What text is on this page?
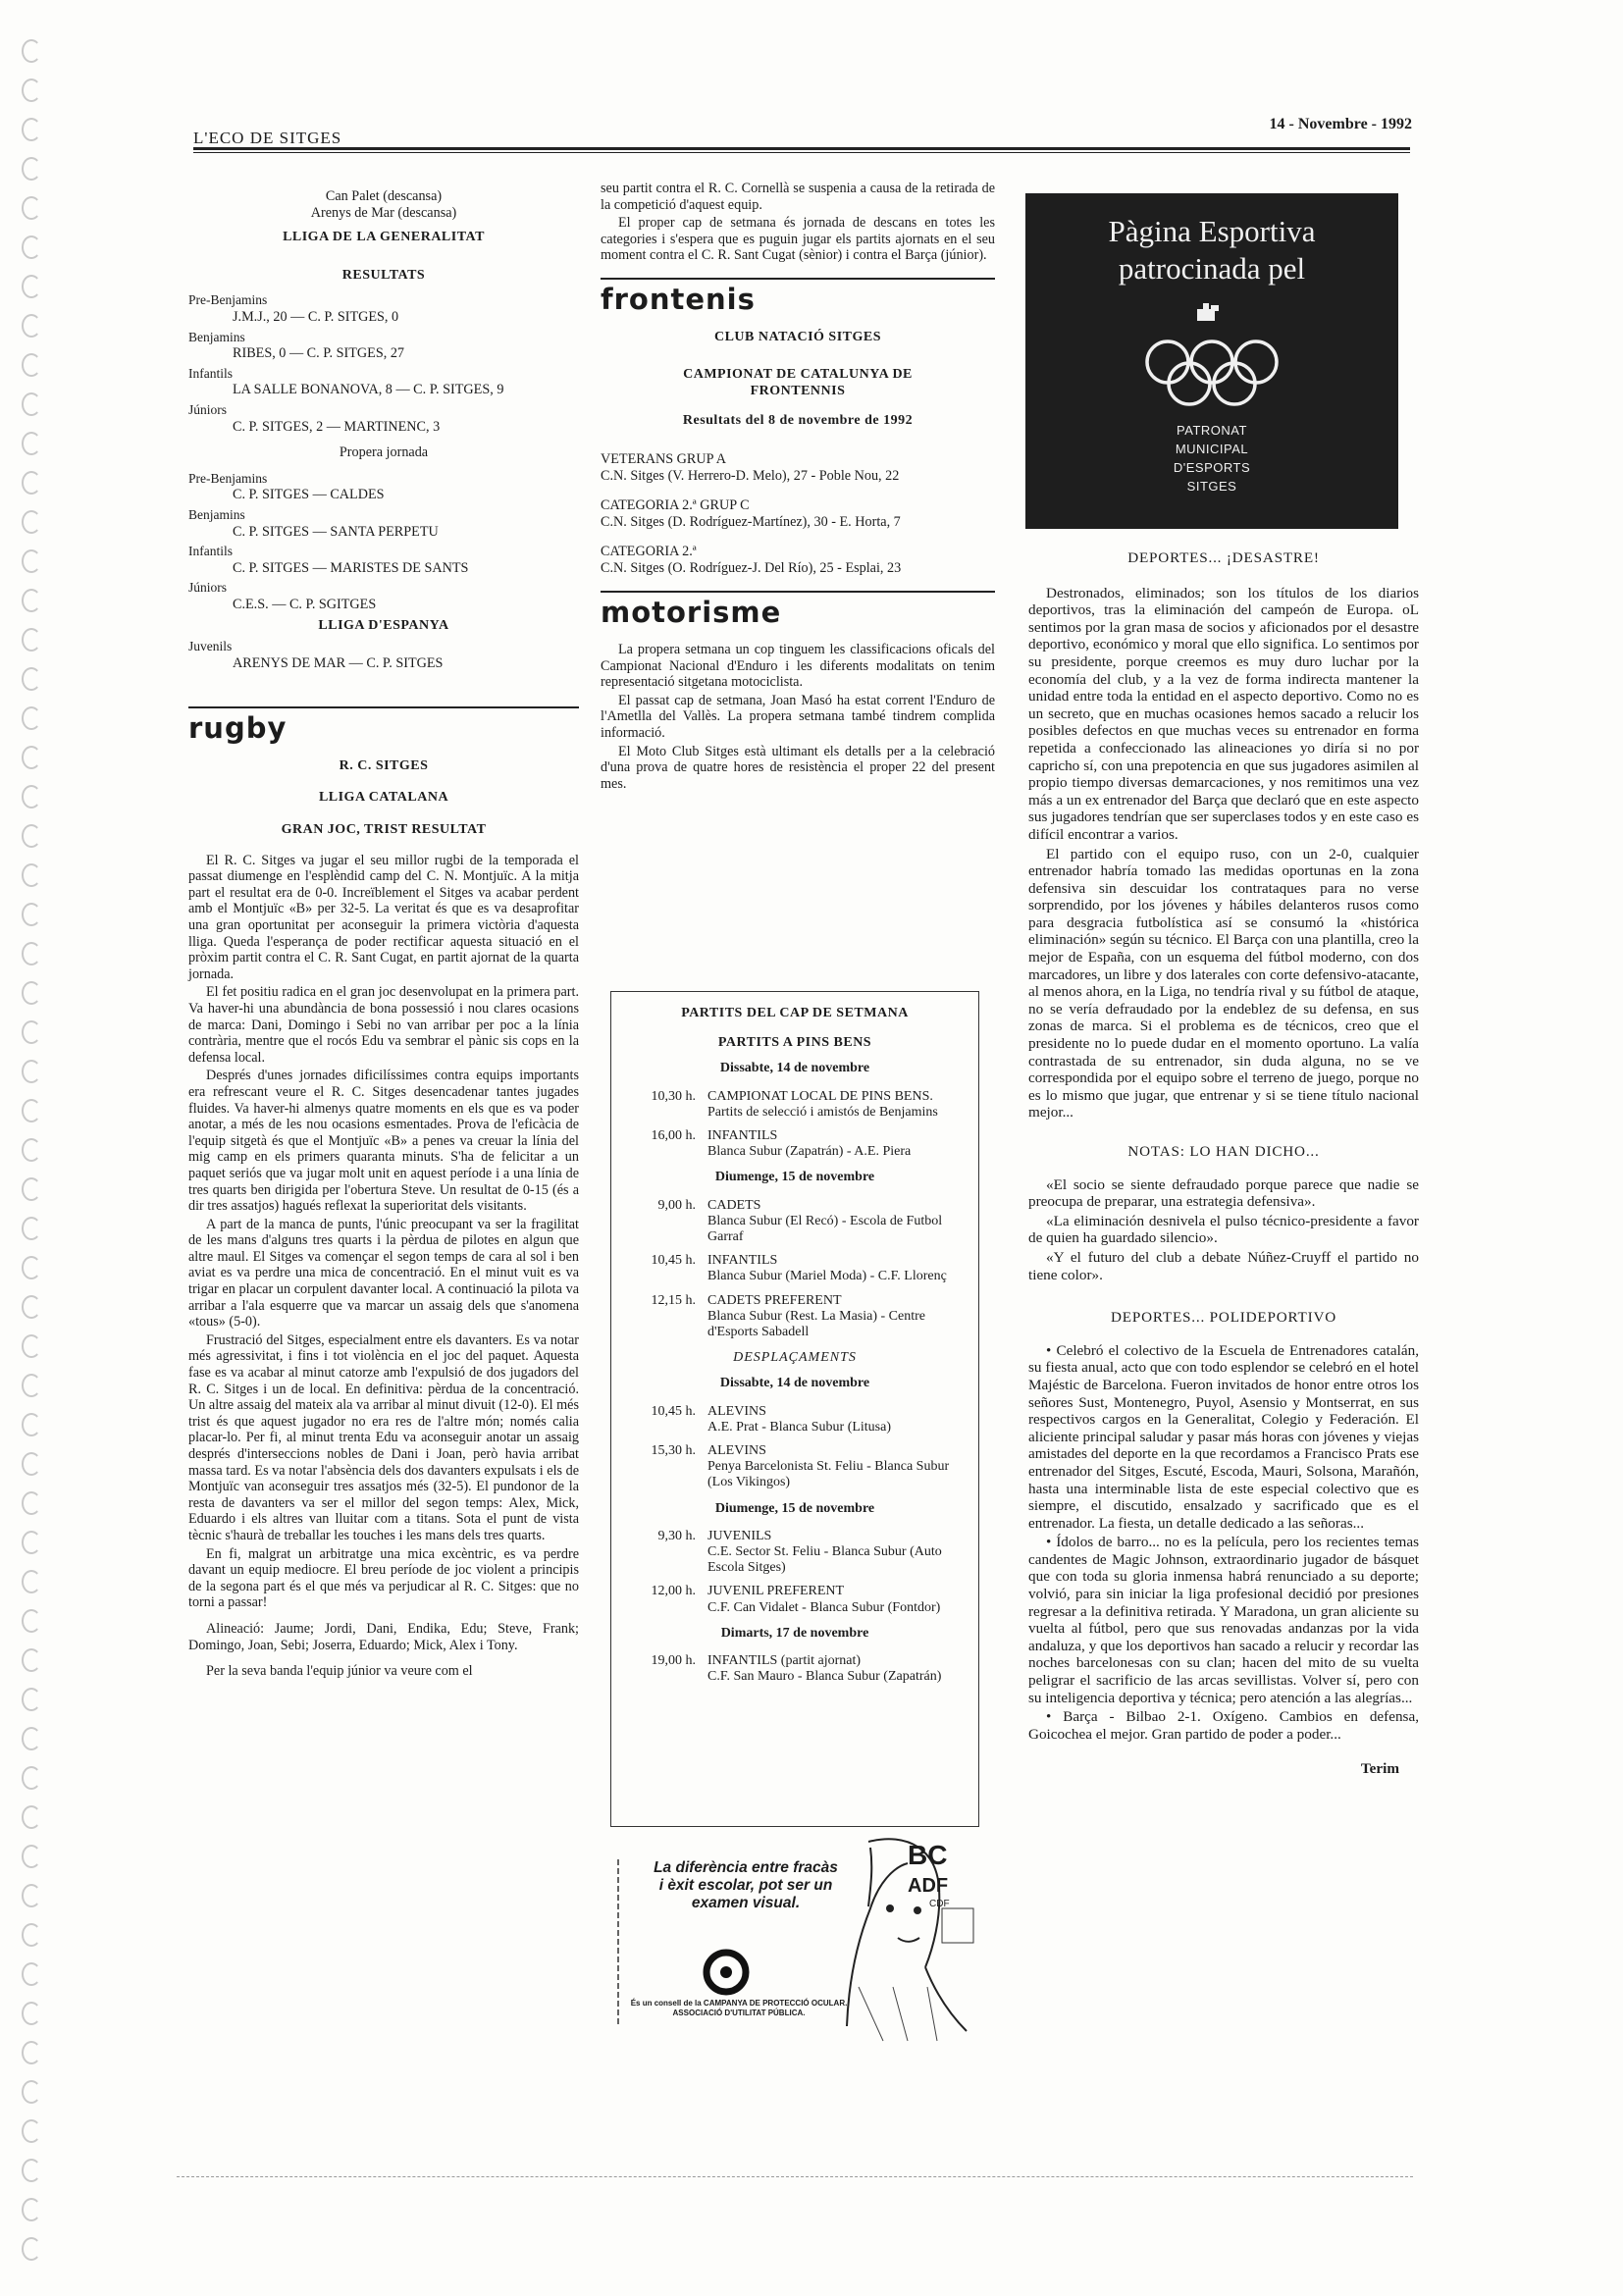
L'ECO DE SITGES
14 - Novembre - 1992
Can Palet (descansa)
Arenys de Mar (descansa)
LLIGA DE LA GENERALITAT
RESULTATS
Pre-Benjamins
J.M.J., 20 — C. P. SITGES, 0
Benjamins
RIBES, 0 — C. P. SITGES, 27
Infantils
LA SALLE BONANOVA, 8 — C. P. SITGES, 9
Júniors
C. P. SITGES, 2 — MARTINENC, 3
Propera jornada
Pre-Benjamins
C. P. SITGES — CALDES
Benjamins
C. P. SITGES — SANTA PERPETU
Infantils
C. P. SITGES — MARISTES DE SANTS
Júniors
C.E.S. — C. P. SGITGES
LLIGA D'ESPANYA
Juvenils
ARENYS DE MAR — C. P. SITGES
rugby
R. C. SITGES
LLIGA CATALANA
GRAN JOC, TRIST RESULTAT

El R. C. Sitges va jugar el seu millor rugbi de la temporada el passat diumenge en l'esplèndid camp del C. N. Montjuïc. A la mitja part el resultat era de 0-0. Increïblement el Sitges va acabar perdent amb el Montjuïc «B» per 32-5. La veritat és que es va desaprofitar una gran oportunitat per aconseguir la primera victòria d'aquesta lliga. Queda l'esperança de poder rectificar aquesta situació en el pròxim partit contra el C. R. Sant Cugat, en partit ajornat de la quarta jornada.

El fet positiu radica en el gran joc desenvolupat en la primera part. Va haver-hi una abundància de bona possessió i nou clares ocasions de marca: Dani, Domingo i Sebi no van arribar per poc a la línia contrària, mentre que el rocós Edu va sembrar el pànic sis cops en la defensa local.

Després d'unes jornades dificilíssimes contra equips importants era refrescant veure el R. C. Sitges desencadenar tantes jugades fluides. Va haver-hi almenys quatre moments en els que es va poder anotar, a més de les nou ocasions esmentades. Prova de l'eficàcia de l'equip sitgetà és que el Montjuïc «B» a penes va creuar la línia del mig camp en els primers quaranta minuts. S'ha de felicitar a un paquet seriós que va jugar molt unit en aquest període i a una línia de tres quarts ben dirigida per l'obertura Steve. Un resultat de 0-15 (és a dir tres assatjos) hagués reflexat la superioritat dels visitants.

A part de la manca de punts, l'únic preocupant va ser la fragilitat de les mans d'alguns tres quarts i la pèrdua de pilotes en algun que altre maul. El Sitges va començar el segon temps de cara al sol i ben aviat es va perdre una mica de concentració. En el minut vuit es va trigar en placar un corpulent davanter local. A continuació la pilota va arribar a l'ala esquerre que va marcar un assaig dels que s'anomena «tous» (5-0).

Frustració del Sitges, especialment entre els davanters. Es va notar més agressivitat, i fins i tot violència en el joc del paquet. Aquesta fase es va acabar al minut catorze amb l'expulsió de dos jugadors del R. C. Sitges i un de local. En definitiva: pèrdua de la concentració. Un altre assaig del mateix ala va arribar al minut divuit (12-0). El més trist és que aquest jugador no era res de l'altre món; només calia placar-lo. Per fi, al minut trenta Edu va aconseguir anotar un assaig després d'interseccions nobles de Dani i Joan, però havia arribat massa tard. Es va notar l'absència dels dos davanters expulsats i els de Montjuïc van aconseguir tres assatjos més (32-5). El pundonor de la resta de davanters va ser el millor del segon temps: Alex, Mick, Eduardo i els altres van lluitar com a titans. Sota el punt de vista tècnic s'haurà de treballar les touches i les mans dels tres quarts.

En fi, malgrat un arbitratge una mica excèntric, es va perdre davant un equip mediocre. El breu període de joc violent a principis de la segona part és el que més va perjudicar al R. C. Sitges: que no torni a passar!

Alineació: Jaume; Jordi, Dani, Endika, Edu; Steve, Frank; Domingo, Joan, Sebi; Joserra, Eduardo; Mick, Alex i Tony.

Per la seva banda l'equip júnior va veure com el

seu partit contra el R. C. Cornellà se suspenia a causa de la retirada de la competició d'aquest equip.

El proper cap de setmana és jornada de descans en totes les categories i s'espera que es puguin jugar els partits ajornats en el seu moment contra el C. R. Sant Cugat (sènior) i contra el Barça (júnior).

frontenis
CLUB NATACIÓ SITGES
CAMPIONAT DE CATALUNYA DE FRONTENNIS
Resultats del 8 de novembre de 1992
VETERANS GRUP A
C.N. Sitges (V. Herrero-D. Melo), 27 - Poble Nou, 22
CATEGORIA 2.ª GRUP C
C.N. Sitges (D. Rodríguez-Martínez), 30 - E. Horta, 7
CATEGORIA 2.ª
C.N. Sitges (O. Rodríguez-J. Del Río), 25 - Esplai, 23
motorisme

La propera setmana un cop tinguem les classificacions oficals del Campionat Nacional d'Enduro i les diferents modalitats on tenim representació sitgetana motociclista.

El passat cap de setmana, Joan Masó ha estat corrent l'Enduro de l'Ametlla del Vallès. La propera setmana també tindrem complida informació.

El Moto Club Sitges està ultimant els detalls per a la celebració d'una prova de quatre hores de resistència el proper 22 del present mes.

PARTITS DEL CAP DE SETMANA
PARTITS A PINS BENS
Dissabte, 14 de novembre
10,30 h. CAMPIONAT LOCAL DE PINS BENS. Partits de selecció i amistós de Benjamins
16,00 h. INFANTILS
Blanca Subur (Zapatrán) - A.E. Piera
Diumenge, 15 de novembre
9,00 h. CADETS
Blanca Subur (El Recó) - Escola de Futbol Garraf
10,45 h. INFANTILS
Blanca Subur (Mariel Moda) - C.F. Llorenç
12,15 h. CADETS PREFERENT
Blanca Subur (Rest. La Masia) - Centre d'Esports Sabadell
DESPLAÇAMENTS
Dissabte, 14 de novembre
10,45 h. ALEVINS
A.E. Prat - Blanca Subur (Litusa)
15,30 h. ALEVINS
Penya Barcelonista St. Feliu - Blanca Subur (Los Vikingos)
Diumenge, 15 de novembre
9,30 h. JUVENILS
C.E. Sector St. Feliu - Blanca Subur (Auto Escola Sitges)
12,00 h. JUVENIL PREFERENT
C.F. Can Vidalet - Blanca Subur (Fontdor)
Dimarts, 17 de novembre
19,00 h. INFANTILS (partit ajornat)
C.F. San Mauro - Blanca Subur (Zapatrán)
La diferència entre fracàs i èxit escolar, pot ser un examen visual.
És un consell de la CAMPANYA DE PROTECCIÓ OCULAR.
ASSOCIACIÓ D'UTILITAT PÚBLICA.
BC
ADF
CDF
Pàgina Esportiva
patrocinada pel
PATRONAT
MUNICIPAL
D'ESPORTS
SITGES
DEPORTES... ¡DESASTRE!

Destronados, eliminados; son los títulos de los diarios deportivos, tras la eliminación del campeón de Europa. oL sentimos por la gran masa de socios y aficionados por el desastre deportivo, económico y moral que ello significa. Lo sentimos por su presidente, porque creemos es muy duro luchar por la economía del club, y a la vez de forma indirecta mantener la unidad entre toda la entidad en el aspecto deportivo. Como no es un secreto, que en muchas ocasiones hemos sacado a relucir los posibles defectos en que muchas veces su entrenador en forma repetida a confeccionado las alineaciones yo diría si no por capricho sí, con una prepotencia en que sus jugadores asimilen al propio tiempo diversas demarcaciones, y nos remitimos una vez más a un ex entrenador del Barça que declaró que en este aspecto sus jugadores tendrían que ser superclases todos y en este caso es difícil encontrar a varios.

El partido con el equipo ruso, con un 2-0, cualquier entrenador habría tomado las medidas oportunas en la zona defensiva sin descuidar los contrataques para no verse sorprendido, por los jóvenes y hábiles delanteros rusos como para desgracia futbolística así se consumó la «histórica eliminación» según su técnico. El Barça con una plantilla, creo la mejor de España, con un esquema del fútbol moderno, con dos marcadores, un libre y dos laterales con corte defensivo-atacante, al menos ahora, en la Liga, no tendría rival y su fútbol de ataque, no se vería defraudado por la endeblez de su defensa, en sus zonas de marca. Si el problema es de técnicos, creo que el presidente no lo puede dudar en el momento oportuno. La valía contrastada de su entrenador, sin duda alguna, no se ve correspondida por el equipo sobre el terreno de juego, porque no es lo mismo que jugar, que entrenar y si se tiene título nacional mejor...

NOTAS: LO HAN DICHO...

«El socio se siente defraudado porque parece que nadie se preocupa de preparar, una estrategia defensiva».

«La eliminación desnivela el pulso técnico-presidente a favor de quien ha guardado silencio».

«Y el futuro del club a debate Núñez-Cruyff el partido no tiene color».

DEPORTES... POLIDEPORTIVO

• Celebró el colectivo de la Escuela de Entrenadores catalán, su fiesta anual, acto que con todo esplendor se celebró en el hotel Majéstic de Barcelona. Fueron invitados de honor entre otros los señores Sust, Montenegro, Puyol, Asensio y Montserrat, en sus respectivos cargos en la Generalitat, Colegio y Federación. El aliciente principal saludar y pasar más horas con jóvenes y viejas amistades del deporte en la que recordamos a Francisco Prats ese entrenador del Sitges, Escuté, Escoda, Mauri, Solsona, Marañón, hasta una interminable lista de este especial colectivo que es siempre, el discutido, ensalzado y sacrificado que es el entrenador. La fiesta, un detalle dedicado a las señoras...

• Ídolos de barro... no es la película, pero los recientes temas candentes de Magic Johnson, extraordinario jugador de básquet que con toda su gloria inmensa habrá renunciado a su deporte; volvió, para sin iniciar la liga profesional decidió por presiones regresar a la definitiva retirada. Y Maradona, un gran aliciente su vuelta al fútbol, pero que sus renovadas andanzas por la vida andaluza, y que los deportivos han sacado a relucir y recordar las noches barcelonesas con su clan; hacen del mito de su vuelta peligrar el sacrificio de las arcas sevillistas. Volver sí, pero con su inteligencia deportiva y técnica; pero atención a las alegrías...

• Barça - Bilbao 2-1. Oxígeno. Cambios en defensa, Goicochea el mejor. Gran partido de poder a poder...

Terim
